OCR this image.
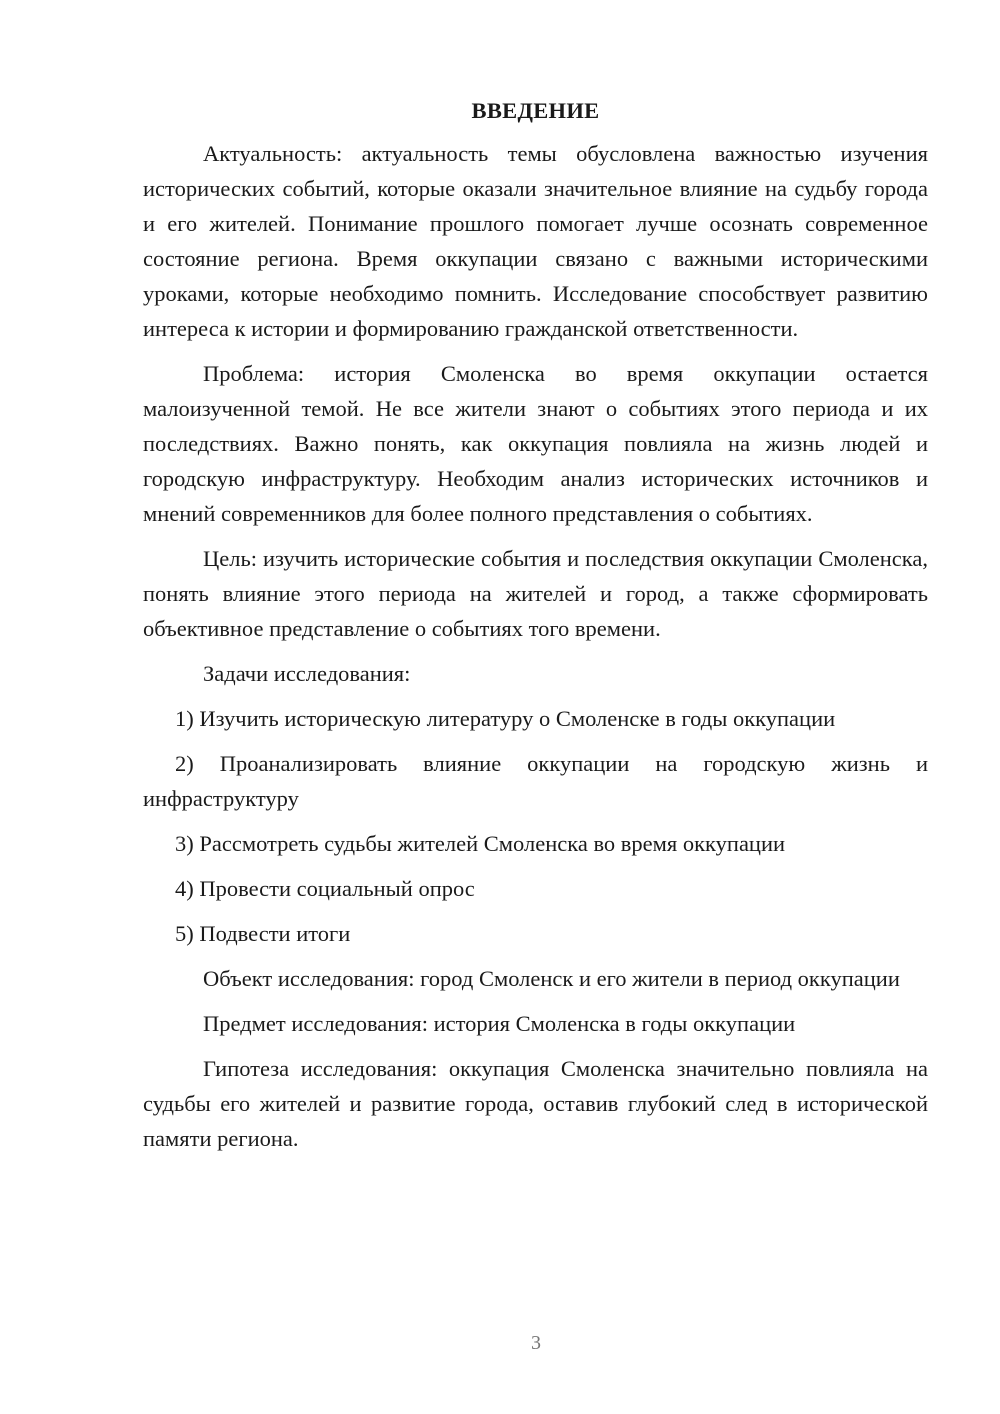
ВВЕДЕНИЕ

Актуальность: актуальность темы обусловлена важностью изучения исторических событий, которые оказали значительное влияние на судьбу города и его жителей. Понимание прошлого помогает лучше осознать современное состояние региона. Время оккупации связано с важными историческими уроками, которые необходимо помнить. Исследование способствует развитию интереса к истории и формированию гражданской ответственности.

Проблема: история Смоленска во время оккупации остается малоизученной темой. Не все жители знают о событиях этого периода и их последствиях. Важно понять, как оккупация повлияла на жизнь людей и городскую инфраструктуру. Необходим анализ исторических источников и мнений современников для более полного представления о событиях.

Цель: изучить исторические события и последствия оккупации Смоленска, понять влияние этого периода на жителей и город, а также сформировать объективное представление о событиях того времени.

Задачи исследования:

1) Изучить историческую литературу о Смоленске в годы оккупации

2) Проанализировать влияние оккупации на городскую жизнь и инфраструктуру

3) Рассмотреть судьбы жителей Смоленска во время оккупации

4) Провести социальный опрос

5) Подвести итоги

Объект исследования: город Смоленск и его жители в период оккупации

Предмет исследования: история Смоленска в годы оккупации

Гипотеза исследования: оккупация Смоленска значительно повлияла на судьбы его жителей и развитие города, оставив глубокий след в исторической памяти региона.

3
